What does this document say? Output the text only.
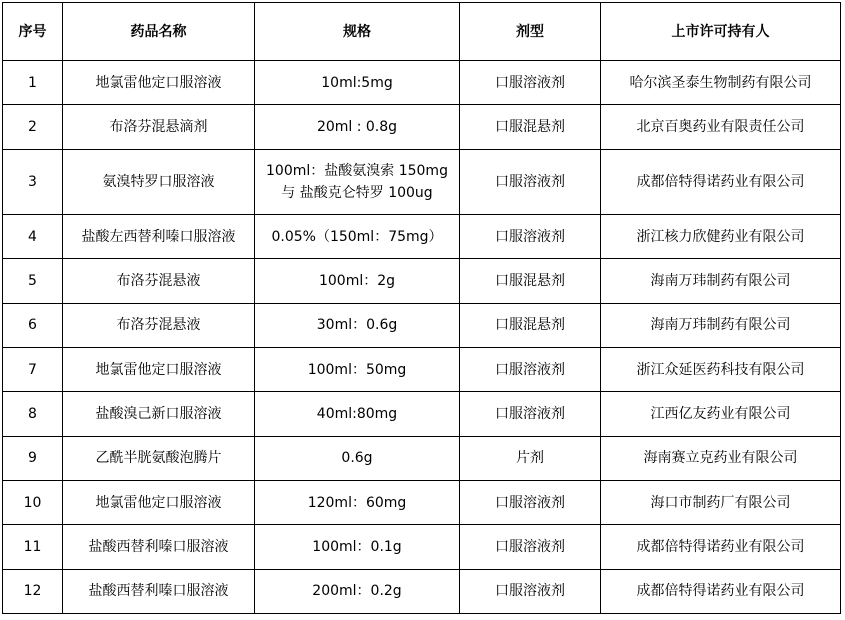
序号	药品名称	规格	剂型	上市许可持有人
1	地氯雷他定口服溶液	10ml:5mg	口服溶液剂	哈尔滨圣泰生物制药有限公司
2	布洛芬混悬滴剂	20ml : 0.8g	口服混悬剂	北京百奥药业有限责任公司
3	氨溴特罗口服溶液	100ml：盐酸氨溴索 150mg 与 盐酸克仑特罗 100ug	口服溶液剂	成都倍特得诺药业有限公司
4	盐酸左西替利嗪口服溶液	0.05%（150ml：75mg）	口服溶液剂	浙江核力欣健药业有限公司
5	布洛芬混悬液	100ml：2g	口服混悬剂	海南万玮制药有限公司
6	布洛芬混悬液	30ml：0.6g	口服混悬剂	海南万玮制药有限公司
7	地氯雷他定口服溶液	100ml：50mg	口服溶液剂	浙江众延医药科技有限公司
8	盐酸溴己新口服溶液	40ml:80mg	口服溶液剂	江西亿友药业有限公司
9	乙酰半胱氨酸泡腾片	0.6g	片剂	海南赛立克药业有限公司
10	地氯雷他定口服溶液	120ml：60mg	口服溶液剂	海口市制药厂有限公司
11	盐酸西替利嗪口服溶液	100ml：0.1g	口服溶液剂	成都倍特得诺药业有限公司
12	盐酸西替利嗪口服溶液	200ml：0.2g	口服溶液剂	成都倍特得诺药业有限公司
